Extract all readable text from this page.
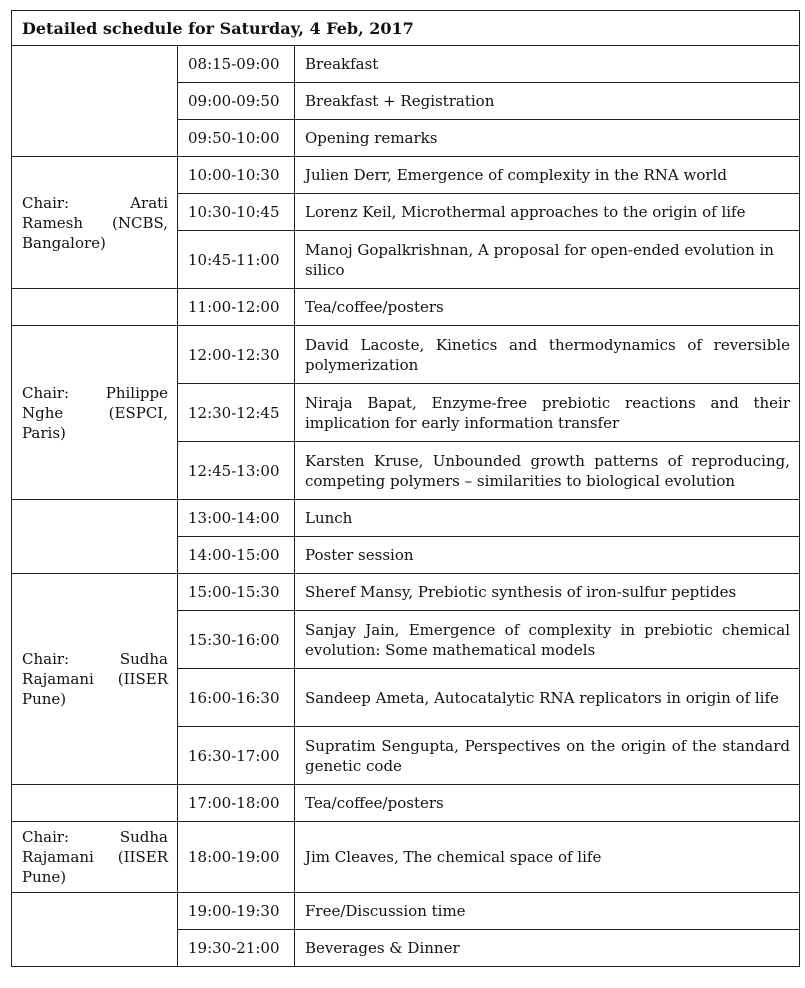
Detailed schedule for Saturday, 4 Feb, 2017		
	08:15-09:00	Breakfast
	09:00-09:50	Breakfast + Registration
	09:50-10:00	Opening remarks
Chair: Arati Ramesh (NCBS, Bangalore)	10:00-10:30	Julien Derr, Emergence of complexity in the RNA world
	10:30-10:45	Lorenz Keil, Microthermal approaches to the origin of life
	10:45-11:00	Manoj Gopalkrishnan, A proposal for open-ended evolution in silico
	11:00-12:00	Tea/coffee/posters
Chair: Philippe Nghe (ESPCI, Paris)	12:00-12:30	David Lacoste, Kinetics and thermodynamics of reversible polymerization
	12:30-12:45	Niraja Bapat, Enzyme-free prebiotic reactions and their implication for early information transfer
	12:45-13:00	Karsten Kruse, Unbounded growth patterns of reproducing, competing polymers – similarities to biological evolution
	13:00-14:00	Lunch
	14:00-15:00	Poster session
Chair: Sudha Rajamani (IISER Pune)	15:00-15:30	Sheref Mansy, Prebiotic synthesis of iron-sulfur peptides
	15:30-16:00	Sanjay Jain, Emergence of complexity in prebiotic chemical evolution: Some mathematical models
	16:00-16:30	Sandeep Ameta, Autocatalytic RNA replicators in origin of life
	16:30-17:00	Supratim Sengupta, Perspectives on the origin of the standard genetic code
	17:00-18:00	Tea/coffee/posters
Chair: Sudha Rajamani (IISER Pune)	18:00-19:00	Jim Cleaves, The chemical space of life
	19:00-19:30	Free/Discussion time
	19:30-21:00	Beverages & Dinner
